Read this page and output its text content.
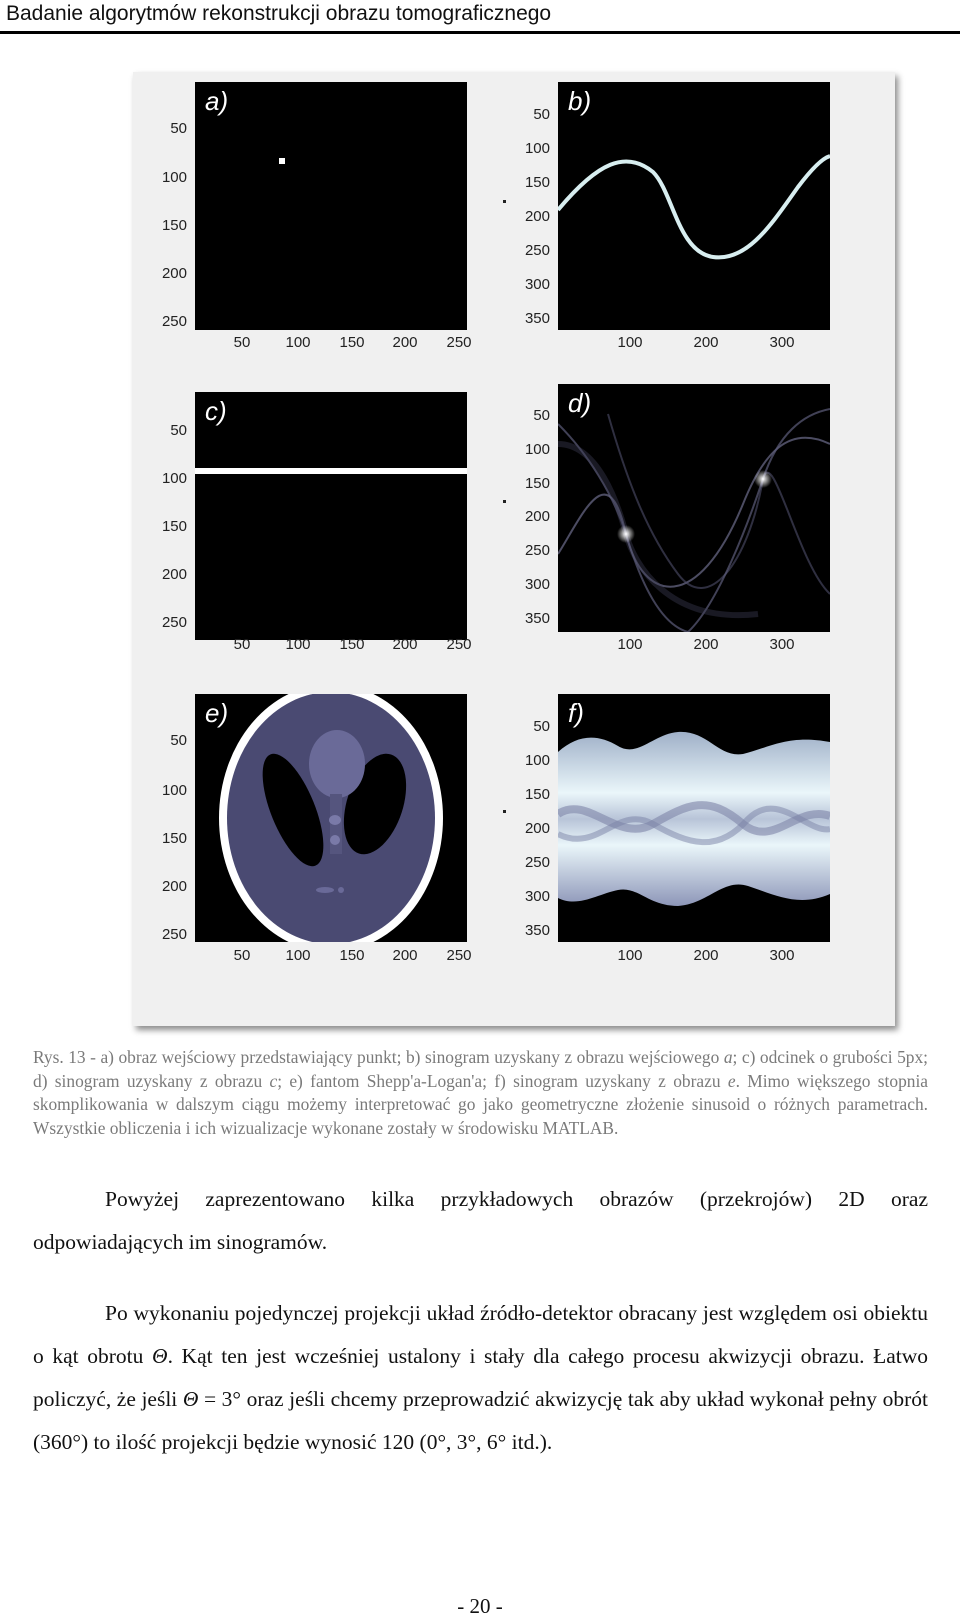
Badanie algorytmów rekonstrukcji obrazu tomograficznego
a)
50
100
150
200
250
50	100	150	200	250
b)
50
100
150
200
250
300
350
100	200	300
c)
50
100
150
200
250
50	100	150	200	250
d)
50
100
150
200
250
300
350
100	200	300
e)
50
100
150
200
250
50	100	150	200	250
f)
50
100
150
200
250
300
350
100	200	300
Rys. 13 - a) obraz wejściowy przedstawiający punkt; b) sinogram uzyskany z obrazu wejściowego a; c) odcinek o grubości 5px; d) sinogram uzyskany z obrazu c; e) fantom Shepp'a-Logan'a; f) sinogram uzyskany z obrazu e. Mimo większego stopnia skomplikowania w dalszym ciągu możemy interpretować go jako geometryczne złożenie sinusoid o różnych parametrach. Wszystkie obliczenia i ich wizualizacje wykonane zostały w środowisku MATLAB.
Powyżej zaprezentowano kilka przykładowych obrazów (przekrojów) 2D oraz odpowiadających im sinogramów.
Po wykonaniu pojedynczej projekcji układ źródło-detektor obracany jest względem osi obiektu o kąt obrotu Θ. Kąt ten jest wcześniej ustalony i stały dla całego procesu akwizycji obrazu. Łatwo policzyć, że jeśli Θ = 3° oraz jeśli chcemy przeprowadzić akwizycję tak aby układ wykonał pełny obrót (360°) to ilość projekcji będzie wynosić 120 (0°, 3°, 6° itd.).
- 20 -
